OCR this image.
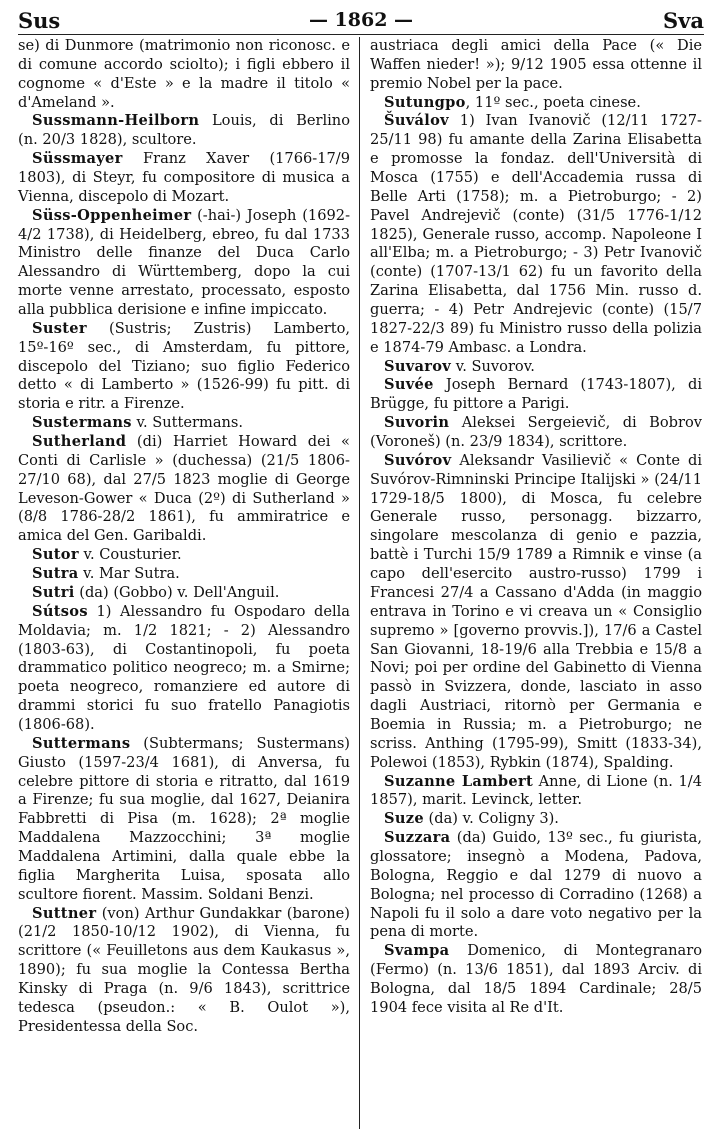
Sus	— 1862 —	Sva

se) di Dunmore (matrimonio non riconosc. e di comune accordo sciolto); i figli ebbero il cognome « d'Este » e la madre il titolo « d'Ameland ».

Sussmann-Heilborn Louis, di Berlino (n. 20/3 1828), scultore.

Süssmayer Franz Xaver (1766-17/9 1803), di Steyr, fu compositore di musica a Vienna, discepolo di Mozart.

Süss-Oppenheimer (-hai-) Joseph (1692-4/2 1738), di Heidelberg, ebreo, fu dal 1733 Ministro delle finanze del Duca Carlo Alessandro di Württemberg, dopo la cui morte venne arrestato, processato, esposto alla pubblica derisione e infine impiccato.

Suster (Sustris; Zustris) Lamberto, 15º-16º sec., di Amsterdam, fu pittore, discepolo del Tiziano; suo figlio Federico detto « di Lamberto » (1526-99) fu pitt. di storia e ritr. a Firenze.

Sustermans v. Suttermans.

Sutherland (di) Harriet Howard dei « Conti di Carlisle » (duchessa) (21/5 1806-27/10 68), dal 27/5 1823 moglie di George Leveson-Gower « Duca (2º) di Sutherland » (8/8 1786-28/2 1861), fu ammiratrice e amica del Gen. Garibaldi.

Sutor v. Cousturier.

Sutra v. Mar Sutra.

Sutri (da) (Gobbo) v. Dell'Anguil.

Sútsos 1) Alessandro fu Ospodaro della Moldavia; m. 1/2 1821; - 2) Alessandro (1803-63), di Costantinopoli, fu poeta drammatico politico neogreco; m. a Smirne; poeta neogreco, romanziere ed autore di drammi storici fu suo fratello Panagiotis (1806-68).

Suttermans (Subtermans; Sustermans) Giusto (1597-23/4 1681), di Anversa, fu celebre pittore di storia e ritratto, dal 1619 a Firenze; fu sua moglie, dal 1627, Deianira Fabbretti di Pisa (m. 1628); 2ª moglie Maddalena Mazzocchini; 3ª moglie Maddalena Artimini, dalla quale ebbe la figlia Margherita Luisa, sposata allo scultore fiorent. Massim. Soldani Benzi.

Suttner (von) Arthur Gundakkar (barone) (21/2 1850-10/12 1902), di Vienna, fu scrittore (« Feuilletons aus dem Kaukasus », 1890); fu sua moglie la Contessa Bertha Kinsky di Praga (n. 9/6 1843), scrittrice tedesca (pseudon.: « B. Oulot »), Presidentessa della Soc.

austriaca degli amici della Pace (« Die Waffen nieder! »); 9/12 1905 essa ottenne il premio Nobel per la pace.

Sutungpo, 11º sec., poeta cinese.

Šuválov 1) Ivan Ivanovič (12/11 1727-25/11 98) fu amante della Zarina Elisabetta e promosse la fondaz. dell'Università di Mosca (1755) e dell'Accademia russa di Belle Arti (1758); m. a Pietroburgo; - 2) Pavel Andrejevič (conte) (31/5 1776-1/12 1825), Generale russo, accomp. Napoleone I all'Elba; m. a Pietroburgo; - 3) Petr Ivanovič (conte) (1707-13/1 62) fu un favorito della Zarina Elisabetta, dal 1756 Min. russo d. guerra; - 4) Petr Andrejevic (conte) (15/7 1827-22/3 89) fu Ministro russo della polizia e 1874-79 Ambasc. a Londra.

Suvarov v. Suvorov.

Suvée Joseph Bernard (1743-1807), di Brügge, fu pittore a Parigi.

Suvorin Aleksei Sergeievič, di Bobrov (Voroneš) (n. 23/9 1834), scrittore.

Suvórov Aleksandr Vasilievič « Conte di Suvórov-Rimninski Principe Italijski » (24/11 1729-18/5 1800), di Mosca, fu celebre Generale russo, personagg. bizzarro, singolare mescolanza di genio e pazzia, battè i Turchi 15/9 1789 a Rimnik e vinse (a capo dell'esercito austro-russo) 1799 i Francesi 27/4 a Cassano d'Adda (in maggio entrava in Torino e vi creava un « Consiglio supremo » [governo provvis.]), 17/6 a Castel San Giovanni, 18-19/6 alla Trebbia e 15/8 a Novi; poi per ordine del Gabinetto di Vienna passò in Svizzera, donde, lasciato in asso dagli Austriaci, ritornò per Germania e Boemia in Russia; m. a Pietroburgo; ne scriss. Anthing (1795-99), Smitt (1833-34), Polewoi (1853), Rybkin (1874), Spalding.

Suzanne Lambert Anne, di Lione (n. 1/4 1857), marit. Levinck, letter.

Suze (da) v. Coligny 3).

Suzzara (da) Guido, 13º sec., fu giurista, glossatore; insegnò a Modena, Padova, Bologna, Reggio e dal 1279 di nuovo a Bologna; nel processo di Corradino (1268) a Napoli fu il solo a dare voto negativo per la pena di morte.

Svampa Domenico, di Montegranaro (Fermo) (n. 13/6 1851), dal 1893 Arciv. di Bologna, dal 18/5 1894 Cardinale; 28/5 1904 fece visita al Re d'It.
